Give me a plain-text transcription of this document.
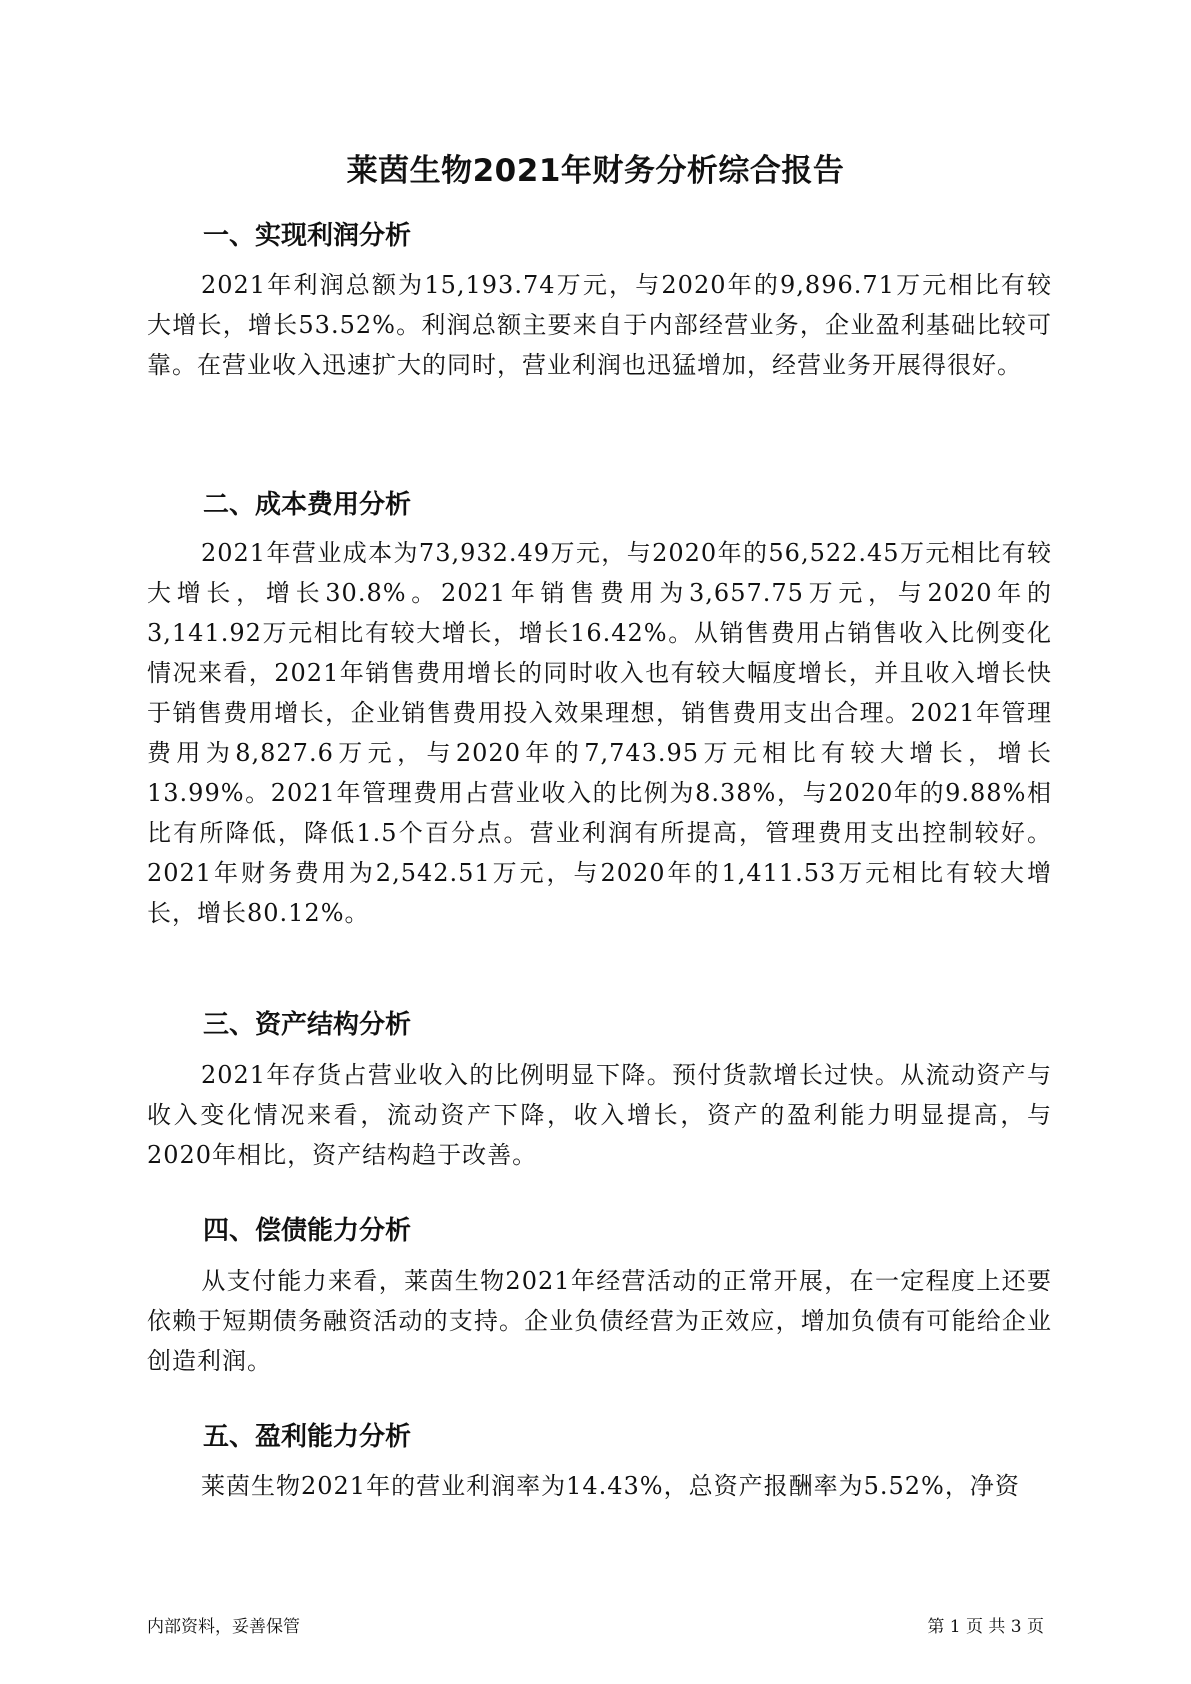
莱茵生物2021年财务分析综合报告
一、实现利润分析

2021年利润总额为15,193.74万元，与2020年的9,896.71万元相比有较大增长，增长53.52%。利润总额主要来自于内部经营业务，企业盈利基础比较可靠。在营业收入迅速扩大的同时，营业利润也迅猛增加，经营业务开展得很好。

二、成本费用分析

2021年营业成本为73,932.49万元，与2020年的56,522.45万元相比有较大增长，增长30.8%。2021年销售费用为3,657.75万元，与2020年的3,141.92万元相比有较大增长，增长16.42%。从销售费用占销售收入比例变化情况来看，2021年销售费用增长的同时收入也有较大幅度增长，并且收入增长快于销售费用增长，企业销售费用投入效果理想，销售费用支出合理。2021年管理费用为8,827.6万元，与2020年的7,743.95万元相比有较大增长，增长13.99%。2021年管理费用占营业收入的比例为8.38%，与2020年的9.88%相比有所降低，降低1.5个百分点。营业利润有所提高，管理费用支出控制较好。2021年财务费用为2,542.51万元，与2020年的1,411.53万元相比有较大增长，增长80.12%。

三、资产结构分析

2021年存货占营业收入的比例明显下降。预付货款增长过快。从流动资产与收入变化情况来看，流动资产下降，收入增长，资产的盈利能力明显提高，与2020年相比，资产结构趋于改善。

四、偿债能力分析

从支付能力来看，莱茵生物2021年经营活动的正常开展，在一定程度上还要依赖于短期债务融资活动的支持。企业负债经营为正效应，增加负债有可能给企业创造利润。

五、盈利能力分析

莱茵生物2021年的营业利润率为14.43%，总资产报酬率为5.52%，净资

内部资料，妥善保管	第 1 页 共 3 页
